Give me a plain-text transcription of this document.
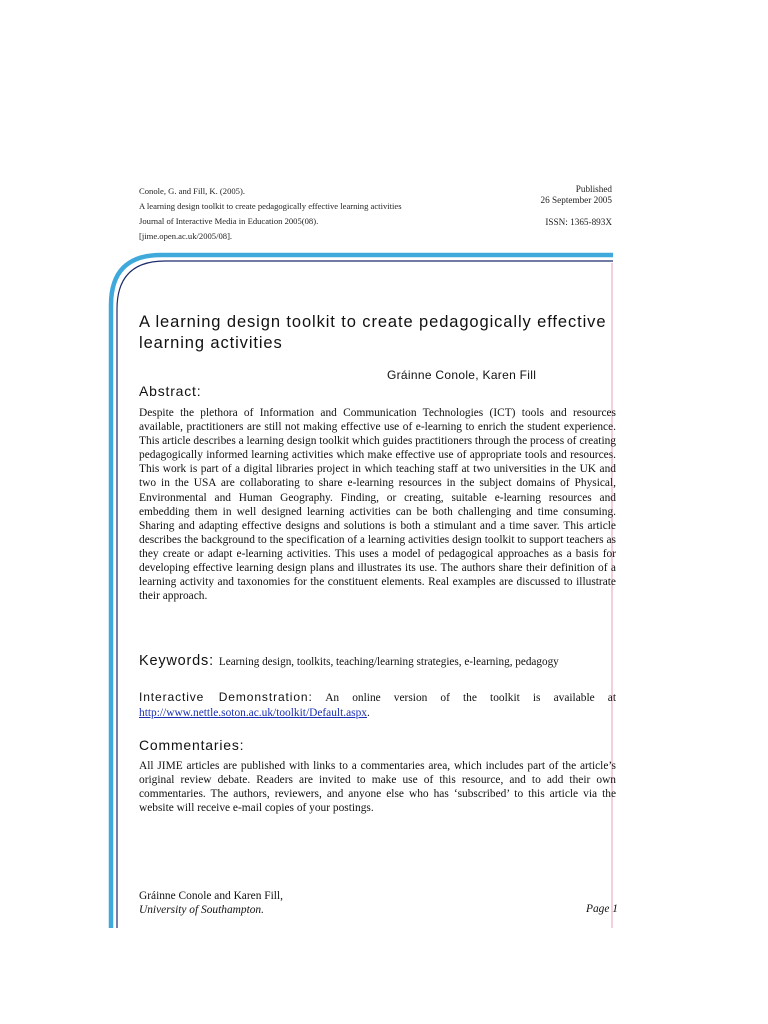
Conole, G. and Fill, K. (2005).
A learning design toolkit to create pedagogically effective learning activities
Journal of Interactive Media in Education 2005(08).
[jime.open.ac.uk/2005/08].
Published
26 September 2005
ISSN: 1365-893X
A learning design toolkit to create pedagogically effective learning activities
Gráinne Conole, Karen Fill
Abstract:
Despite the plethora of Information and Communication Technologies (ICT) tools and resources available, practitioners are still not making effective use of e-learning to enrich the student experience. This article describes a learning design toolkit which guides practitioners through the process of creating pedagogically informed learning activities which make effective use of appropriate tools and resources. This work is part of a digital libraries project in which teaching staff at two universities in the UK and two in the USA are collaborating to share e-learning resources in the subject domains of Physical, Environmental and Human Geography. Finding, or creating, suitable e-learning resources and embedding them in well designed learning activities can be both challenging and time consuming. Sharing and adapting effective designs and solutions is both a stimulant and a time saver. This article describes the background to the specification of a learning activities design toolkit to support teachers as they create or adapt e-learning activities. This uses a model of pedagogical approaches as a basis for developing effective learning design plans and illustrates its use. The authors share their definition of a learning activity and taxonomies for the constituent elements. Real examples are discussed to illustrate their approach.
Keywords: Learning design, toolkits, teaching/learning strategies, e-learning, pedagogy
Interactive Demonstration: An online version of the toolkit is available at http://www.nettle.soton.ac.uk/toolkit/Default.aspx.
Commentaries:
All JIME articles are published with links to a commentaries area, which includes part of the article’s original review debate. Readers are invited to make use of this resource, and to add their own commentaries. The authors, reviewers, and anyone else who has ‘subscribed’ to this article via the website will receive e-mail copies of your postings.
Gráinne Conole and Karen Fill,
University of Southampton.	Page 1
